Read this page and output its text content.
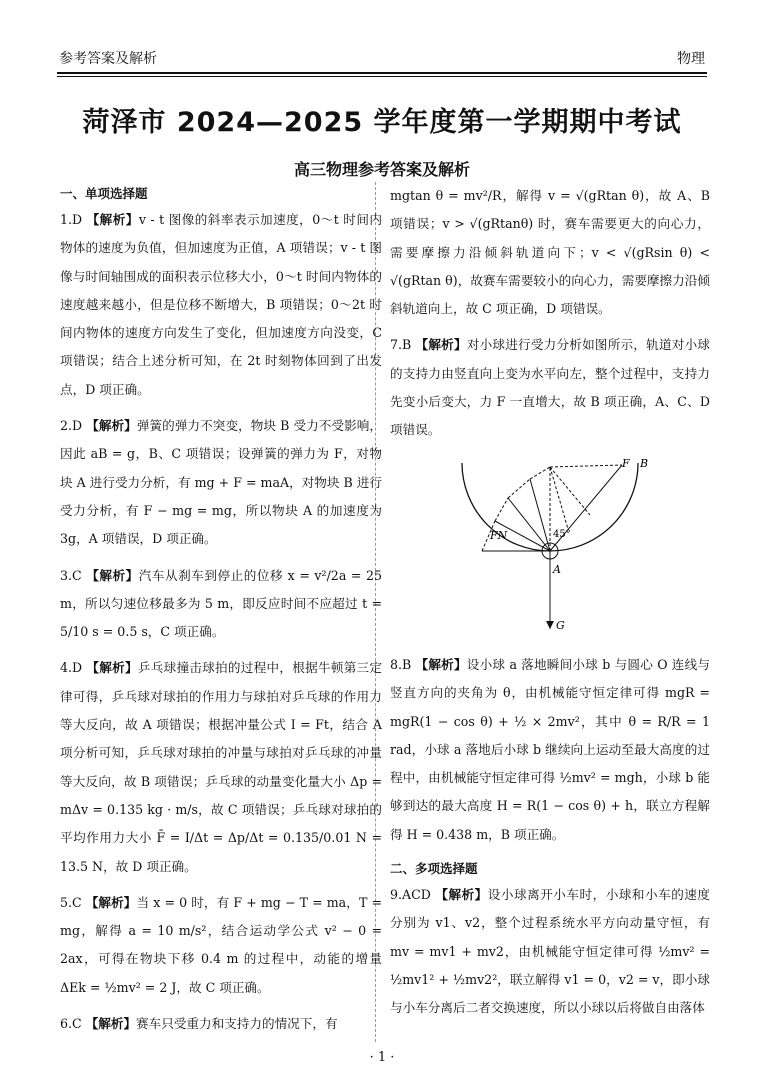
参考答案及解析	物理
菏泽市 2024—2025 学年度第一学期期中考试
高三物理参考答案及解析
一、单项选择题

1.D 【解析】v - t 图像的斜率表示加速度，0～t 时间内物体的速度为负值，但加速度为正值，A 项错误；v - t 图像与时间轴围成的面积表示位移大小，0～t 时间内物体的速度越来越小，但是位移不断增大，B 项错误；0～2t 时间内物体的速度方向发生了变化，但加速度方向没变，C 项错误；结合上述分析可知，在 2t 时刻物体回到了出发点，D 项正确。

2.D 【解析】弹簧的弹力不突变，物块 B 受力不受影响，因此 aB = g，B、C 项错误；设弹簧的弹力为 F，对物块 A 进行受力分析，有 mg + F = maA，对物块 B 进行受力分析，有 F − mg = mg，所以物块 A 的加速度为 3g，A 项错误，D 项正确。

3.C 【解析】汽车从刹车到停止的位移 x = v²/2a = 25 m，所以匀速位移最多为 5 m，即反应时间不应超过 t = 5/10 s = 0.5 s，C 项正确。

4.D 【解析】乒乓球撞击球拍的过程中，根据牛顿第三定律可得，乒乓球对球拍的作用力与球拍对乒乓球的作用力等大反向，故 A 项错误；根据冲量公式 I = Ft，结合 A 项分析可知，乒乓球对球拍的冲量与球拍对乒乓球的冲量等大反向，故 B 项错误；乒乓球的动量变化量大小 Δp = mΔv = 0.135 kg · m/s，故 C 项错误；乒乓球对球拍的平均作用力大小 F̄ = I/Δt = Δp/Δt = 0.135/0.01 N = 13.5 N，故 D 项正确。

5.C 【解析】当 x = 0 时，有 F + mg − T = ma，T = mg，解得 a = 10 m/s²，结合运动学公式 v² − 0 = 2ax，可得在物块下移 0.4 m 的过程中，动能的增量 ΔEk = ½mv² = 2 J，故 C 项正确。

6.C 【解析】赛车只受重力和支持力的情况下，有

mgtan θ = mv²/R，解得 v = √(gRtan θ)，故 A、B 项错误；v > √(gRtanθ) 时，赛车需要更大的向心力，需要摩擦力沿倾斜轨道向下；v < √(gRsin θ) < √(gRtan θ)，故赛车需要较小的向心力，需要摩擦力沿倾斜轨道向上，故 C 项正确，D 项错误。

7.B 【解析】对小球进行受力分析如图所示，轨道对小球的支持力由竖直向上变为水平向左，整个过程中，支持力先变小后变大，力 F 一直增大，故 B 项正确，A、C、D 项错误。

F B
FN	45°
A
G

8.B 【解析】设小球 a 落地瞬间小球 b 与圆心 O 连线与竖直方向的夹角为 θ，由机械能守恒定律可得 mgR = mgR(1 − cos θ) + ½ × 2mv²，其中 θ = R/R = 1 rad，小球 a 落地后小球 b 继续向上运动至最大高度的过程中，由机械能守恒定律可得 ½mv² = mgh，小球 b 能够到达的最大高度 H = R(1 − cos θ) + h，联立方程解得 H = 0.438 m，B 项正确。

二、多项选择题

9.ACD 【解析】设小球离开小车时，小球和小车的速度分别为 v1、v2，整个过程系统水平方向动量守恒，有 mv = mv1 + mv2，由机械能守恒定律可得 ½mv² = ½mv1² + ½mv2²，联立解得 v1 = 0，v2 = v，即小球与小车分离后二者交换速度，所以小球以后将做自由落体

· 1 ·
